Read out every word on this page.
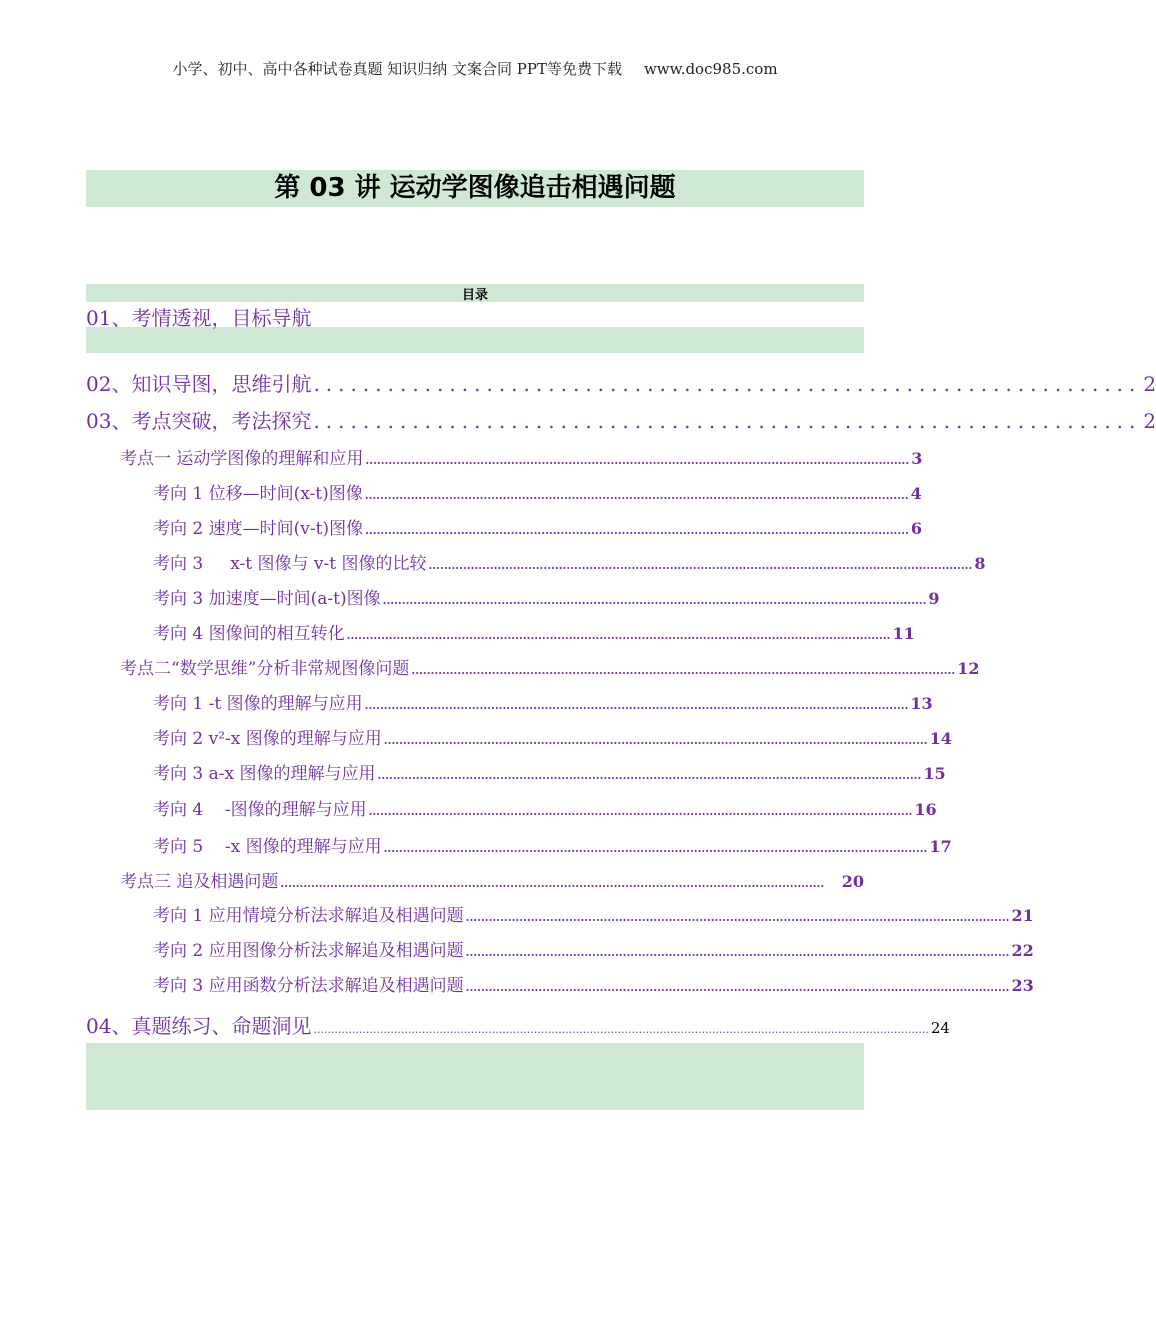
小学、初中、高中各种试卷真题 知识归纳 文案合同 PPT等免费下载 www.doc985.com
第 03 讲 运动学图像追击相遇问题
目录
01、考情透视，目标导航
02、知识导图，思维引航 ................................................................... 2
03、考点突破，考法探究 ................................................................... 2
考点一 运动学图像的理解和应用 .............................................................................................................................................. 3
考向 1 位移—时间(x-t)图像 .............................................................................................................................................. 4
考向 2 速度—时间(v-t)图像 .............................................................................................................................................. 6
考向 3     x-t 图像与 v-t 图像的比较 .............................................................................................................................................. 8
考向 3 加速度—时间(a-t)图像 .............................................................................................................................................. 9
考向 4 图像间的相互转化 .............................................................................................................................................. 11
考点二“数学思维”分析非常规图像问题 .............................................................................................................................................. 12
考向 1 -t 图像的理解与应用 .............................................................................................................................................. 13
考向 2 v²-x 图像的理解与应用 .............................................................................................................................................. 14
考向 3 a-x 图像的理解与应用 .............................................................................................................................................. 15
考向 4    -图像的理解与应用 .............................................................................................................................................. 16
考向 5    -x 图像的理解与应用 .............................................................................................................................................. 17
考点三 追及相遇问题 ..............................................................................................................................................	20
考向 1 应用情境分析法求解追及相遇问题 .............................................................................................................................................. 21
考向 2 应用图像分析法求解追及相遇问题 .............................................................................................................................................. 22
考向 3 应用函数分析法求解追及相遇问题 .............................................................................................................................................. 23
04、真题练习、命题洞见 ................................................................................................................................................................................ 24
